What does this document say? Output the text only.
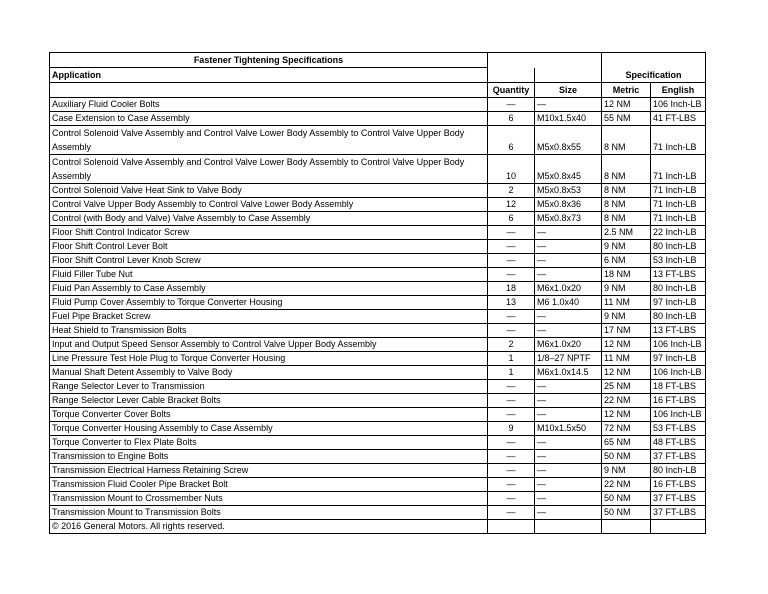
Fastener Tightening Specifications				
Application			Specification	
	Quantity	Size	Metric	English
Auxiliary Fluid Cooler Bolts	—	—	12 NM	106 Inch-LB
Case Extension to Case Assembly	6	M10x1.5x40	55 NM	41 FT-LBS
Control Solenoid Valve Assembly and Control Valve Lower Body Assembly to Control Valve Upper Body Assembly	6	M5x0.8x55	8 NM	71 Inch-LB
Control Solenoid Valve Assembly and Control Valve Lower Body Assembly to Control Valve Upper Body Assembly	10	M5x0.8x45	8 NM	71 Inch-LB
Control Solenoid Valve Heat Sink to Valve Body	2	M5x0.8x53	8 NM	71 Inch-LB
Control Valve Upper Body Assembly to Control Valve Lower Body Assembly	12	M5x0.8x36	8 NM	71 Inch-LB
Control (with Body and Valve) Valve Assembly to Case Assembly	6	M5x0.8x73	8 NM	71 Inch-LB
Floor Shift Control Indicator Screw	—	—	2.5 NM	22 Inch-LB
Floor Shift Control Lever Bolt	—	—	9 NM	80 Inch-LB
Floor Shift Control Lever Knob Screw	—	—	6 NM	53 Inch-LB
Fluid Filler Tube Nut	—	—	18 NM	13 FT-LBS
Fluid Pan Assembly to Case Assembly	18	M6x1.0x20	9 NM	80 Inch-LB
Fluid Pump Cover Assembly to Torque Converter Housing	13	M6 1.0x40	11 NM	97 Inch-LB
Fuel Pipe Bracket Screw	—	—	9 NM	80 Inch-LB
Heat Shield to Transmission Bolts	—	—	17 NM	13 FT-LBS
Input and Output Speed Sensor Assembly to Control Valve Upper Body Assembly	2	M6x1.0x20	12 NM	106 Inch-LB
Line Pressure Test Hole Plug to Torque Converter Housing	1	1/8–27 NPTF	11 NM	97 Inch-LB
Manual Shaft Detent Assembly to Valve Body	1	M6x1.0x14.5	12 NM	106 Inch-LB
Range Selector Lever to Transmission	—	—	25 NM	18 FT-LBS
Range Selector Lever Cable Bracket Bolts	—	—	22 NM	16 FT-LBS
Torque Converter Cover Bolts	—	—	12 NM	106 Inch-LB
Torque Converter Housing Assembly to Case Assembly	9	M10x1.5x50	72 NM	53 FT-LBS
Torque Converter to Flex Plate Bolts	—	—	65 NM	48 FT-LBS
Transmission to Engine Bolts	—	—	50 NM	37 FT-LBS
Transmission Electrical Harness Retaining Screw	—	—	9 NM	80 Inch-LB
Transmission Fluid Cooler Pipe Bracket Bolt	—	—	22 NM	16 FT-LBS
Transmission Mount to Crossmember Nuts	—	—	50 NM	37 FT-LBS
Transmission Mount to Transmission Bolts	—	—	50 NM	37 FT-LBS
© 2016 General Motors. All rights reserved.				
